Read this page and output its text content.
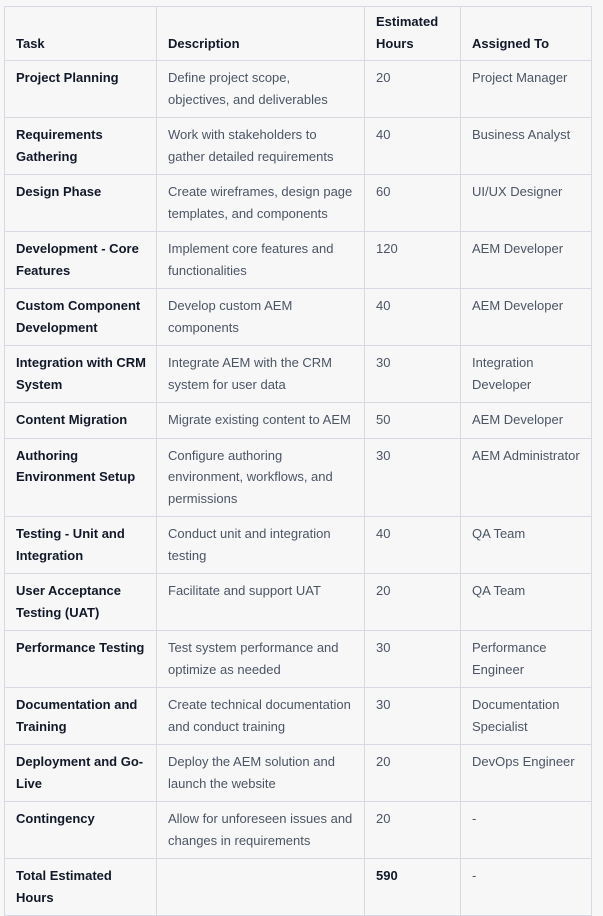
Task	Description	Estimated Hours	Assigned To
Project Planning	Define project scope, objectives, and deliverables	20	Project Manager
Requirements Gathering	Work with stakeholders to gather detailed requirements	40	Business Analyst
Design Phase	Create wireframes, design page templates, and components	60	UI/UX Designer
Development - Core Features	Implement core features and functionalities	120	AEM Developer
Custom Component Development	Develop custom AEM components	40	AEM Developer
Integration with CRM System	Integrate AEM with the CRM system for user data	30	Integration Developer
Content Migration	Migrate existing content to AEM	50	AEM Developer
Authoring Environment Setup	Configure authoring environment, workflows, and permissions	30	AEM Administrator
Testing - Unit and Integration	Conduct unit and integration testing	40	QA Team
User Acceptance Testing (UAT)	Facilitate and support UAT	20	QA Team
Performance Testing	Test system performance and optimize as needed	30	Performance Engineer
Documentation and Training	Create technical documentation and conduct training	30	Documentation Specialist
Deployment and Go-Live	Deploy the AEM solution and launch the website	20	DevOps Engineer
Contingency	Allow for unforeseen issues and changes in requirements	20	-
Total Estimated Hours		590	-
